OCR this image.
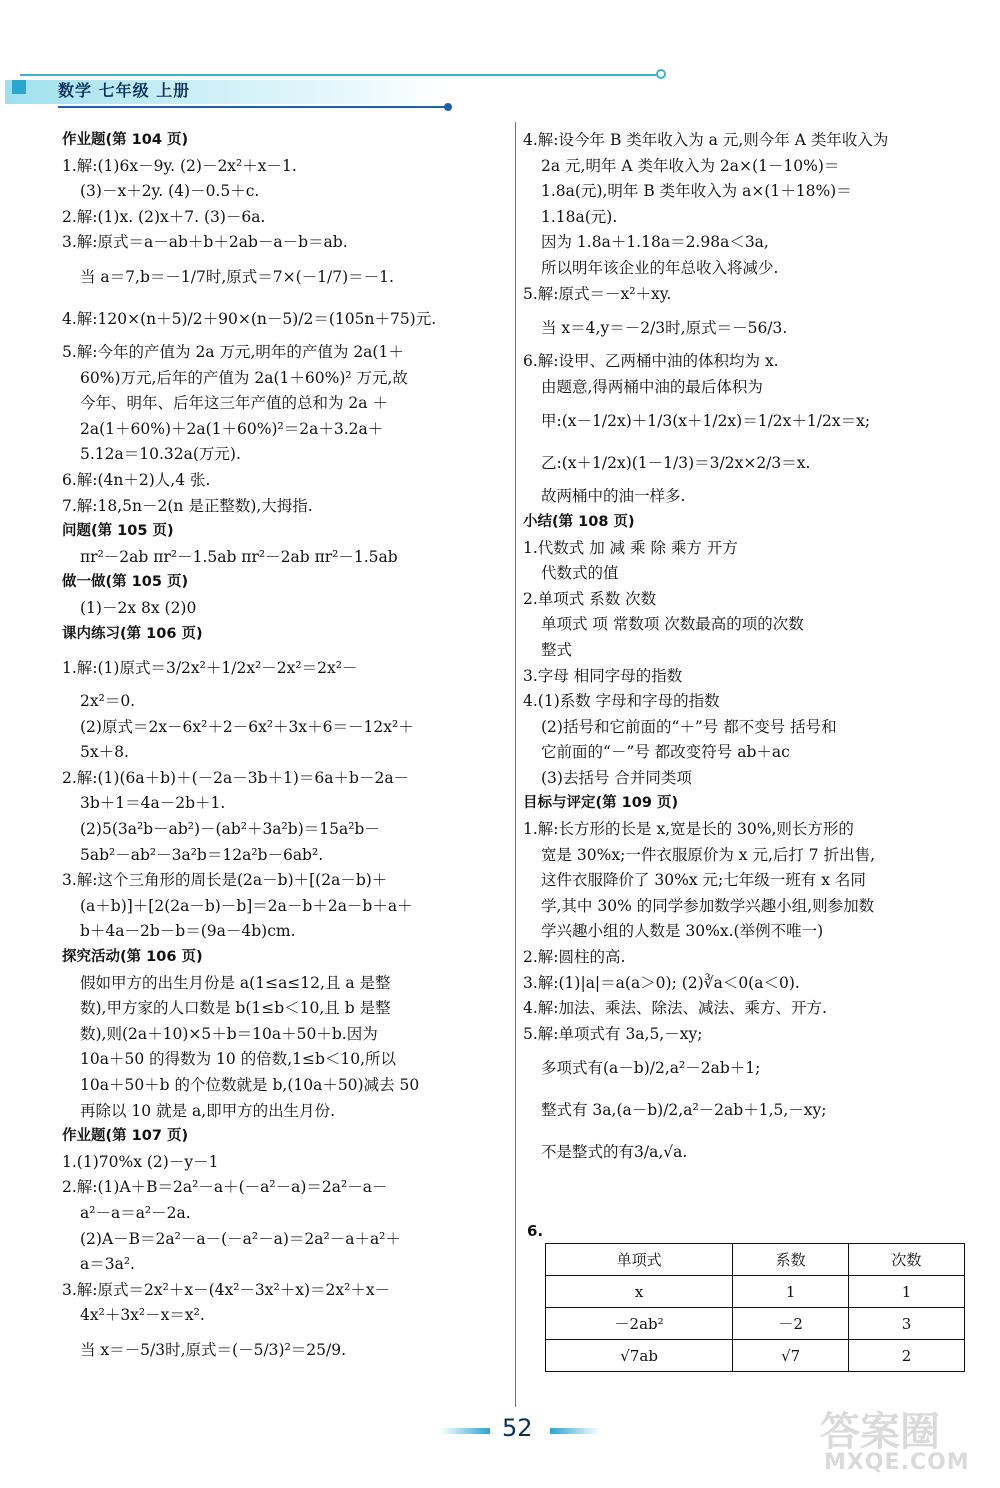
数学 七年级 上册
作业题(第 104 页)
1.解:(1)6x－9y. (2)－2x²＋x－1.
(3)－x＋2y. (4)－0.5＋c.
2.解:(1)x. (2)x＋7. (3)－6a.
3.解:原式＝a－ab＋b＋2ab－a－b＝ab.
当 a＝7,b＝－1/7时,原式＝7×(－1/7)＝－1.
4.解:120×(n＋5)/2＋90×(n－5)/2＝(105n＋75)元.
5.解:今年的产值为 2a 万元,明年的产值为 2a(1＋
60%)万元,后年的产值为 2a(1＋60%)² 万元,故
今年、明年、后年这三年产值的总和为 2a ＋
2a(1＋60%)＋2a(1＋60%)²＝2a＋3.2a＋
5.12a＝10.32a(万元).
6.解:(4n＋2)人,4 张.
7.解:18,5n－2(n 是正整数),大拇指.
问题(第 105 页)
πr²－2ab πr²－1.5ab πr²－2ab πr²－1.5ab
做一做(第 105 页)
(1)－2x 8x (2)0
课内练习(第 106 页)
1.解:(1)原式＝3/2x²＋1/2x²－2x²＝2x²－
2x²＝0.
(2)原式＝2x－6x²＋2－6x²＋3x＋6＝－12x²＋
5x＋8.
2.解:(1)(6a＋b)＋(－2a－3b＋1)＝6a＋b－2a－
3b＋1＝4a－2b＋1.
(2)5(3a²b－ab²)－(ab²＋3a²b)＝15a²b－
5ab²－ab²－3a²b＝12a²b－6ab².
3.解:这个三角形的周长是(2a－b)＋[(2a－b)＋
(a＋b)]＋[2(2a－b)－b]＝2a－b＋2a－b＋a＋
b＋4a－2b－b＝(9a－4b)cm.
探究活动(第 106 页)
假如甲方的出生月份是 a(1≤a≤12,且 a 是整
数),甲方家的人口数是 b(1≤b＜10,且 b 是整
数),则(2a＋10)×5＋b＝10a＋50＋b.因为
10a＋50 的得数为 10 的倍数,1≤b＜10,所以
10a＋50＋b 的个位数就是 b,(10a＋50)减去 50
再除以 10 就是 a,即甲方的出生月份.
作业题(第 107 页)
1.(1)70%x (2)－y－1
2.解:(1)A＋B＝2a²－a＋(－a²－a)＝2a²－a－
a²－a＝a²－2a.
(2)A－B＝2a²－a－(－a²－a)＝2a²－a＋a²＋
a＝3a².
3.解:原式＝2x²＋x－(4x²－3x²＋x)＝2x²＋x－
4x²＋3x²－x＝x².
当 x＝－5/3时,原式＝(－5/3)²＝25/9.
4.解:设今年 B 类年收入为 a 元,则今年 A 类年收入为
2a 元,明年 A 类年收入为 2a×(1－10%)＝
1.8a(元),明年 B 类年收入为 a×(1＋18%)＝
1.18a(元).
因为 1.8a＋1.18a＝2.98a＜3a,
所以明年该企业的年总收入将减少.
5.解:原式＝－x²＋xy.
当 x＝4,y＝－2/3时,原式＝－56/3.
6.解:设甲、乙两桶中油的体积均为 x.
由题意,得两桶中油的最后体积为
甲:(x－1/2x)＋1/3(x＋1/2x)＝1/2x＋1/2x＝x;
乙:(x＋1/2x)(1－1/3)＝3/2x×2/3＝x.
故两桶中的油一样多.
小结(第 108 页)
1.代数式 加 减 乘 除 乘方 开方
代数式的值
2.单项式 系数 次数
单项式 项 常数项 次数最高的项的次数
整式
3.字母 相同字母的指数
4.(1)系数 字母和字母的指数
(2)括号和它前面的“＋”号 都不变号 括号和
它前面的“－”号 都改变符号 ab＋ac
(3)去括号 合并同类项
目标与评定(第 109 页)
1.解:长方形的长是 x,宽是长的 30%,则长方形的
宽是 30%x;一件衣服原价为 x 元,后打 7 折出售,
这件衣服降价了 30%x 元;七年级一班有 x 名同
学,其中 30% 的同学参加数学兴趣小组,则参加数
学兴趣小组的人数是 30%x.(举例不唯一)
2.解:圆柱的高.
3.解:(1)|a|＝a(a＞0); (2)∛a＜0(a＜0).
4.解:加法、乘法、除法、减法、乘方、开方.
5.解:单项式有 3a,5,－xy;
多项式有(a－b)/2,a²－2ab＋1;
整式有 3a,(a－b)/2,a²－2ab＋1,5,－xy;
不是整式的有3/a,√a.
6.
单项式	系数	次数
x	1	1
－2ab²	－2	3
√7ab	√7	2
52	答案圈
MXQE.COM
